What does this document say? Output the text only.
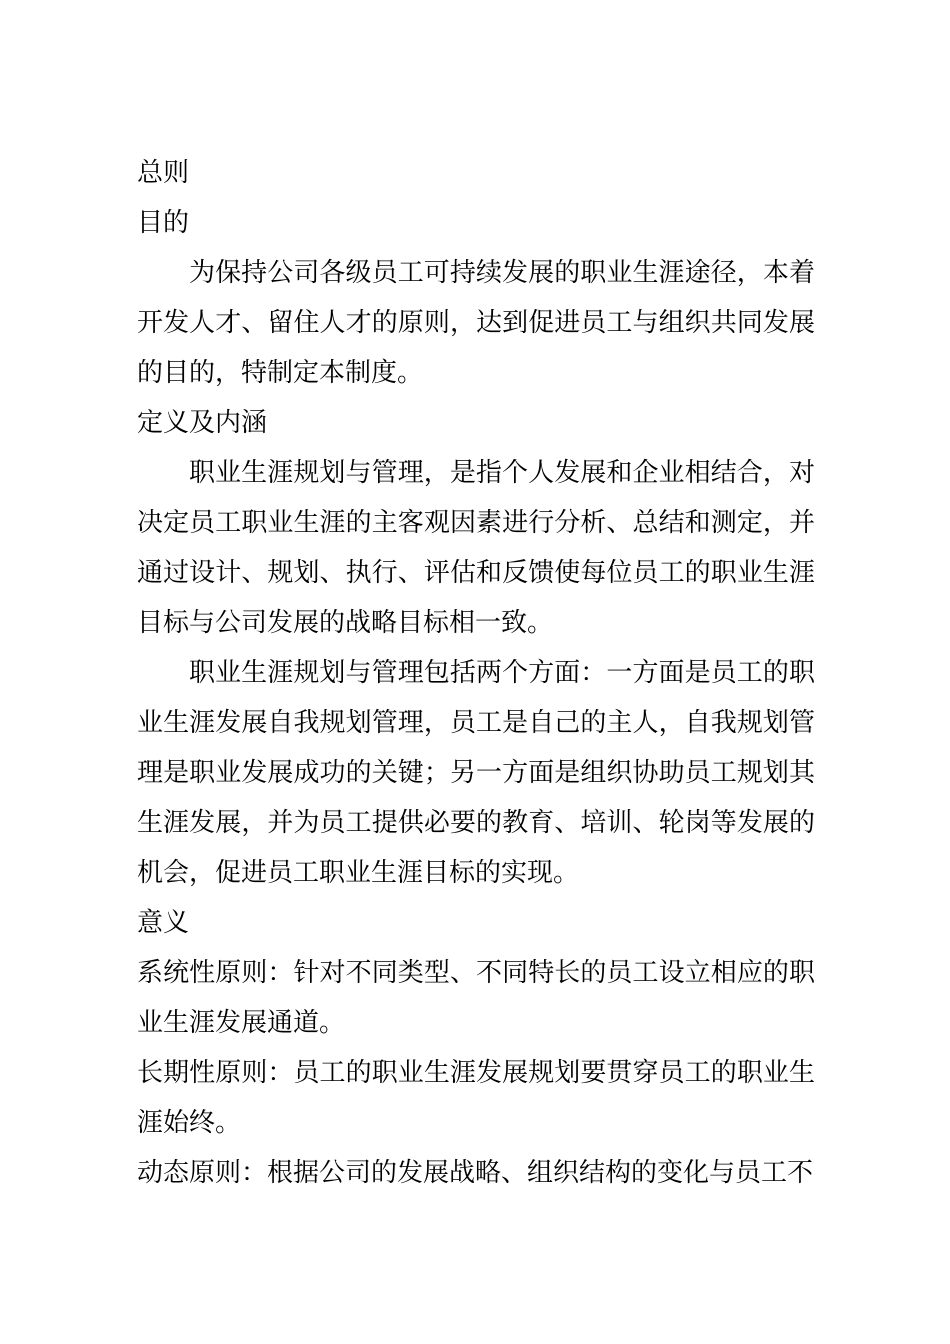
总则
目的

为保持公司各级员工可持续发展的职业生涯途径，本着开发人才、留住人才的原则，达到促进员工与组织共同发展的目的，特制定本制度。

定义及内涵

职业生涯规划与管理，是指个人发展和企业相结合，对决定员工职业生涯的主客观因素进行分析、总结和测定，并通过设计、规划、执行、评估和反馈使每位员工的职业生涯目标与公司发展的战略目标相一致。

职业生涯规划与管理包括两个方面：一方面是员工的职业生涯发展自我规划管理，员工是自己的主人，自我规划管理是职业发展成功的关键；另一方面是组织协助员工规划其生涯发展，并为员工提供必要的教育、培训、轮岗等发展的机会，促进员工职业生涯目标的实现。

意义

系统性原则：针对不同类型、不同特长的员工设立相应的职业生涯发展通道。

长期性原则：员工的职业生涯发展规划要贯穿员工的职业生涯始终。

动态原则：根据公司的发展战略、组织结构的变化与员工不
